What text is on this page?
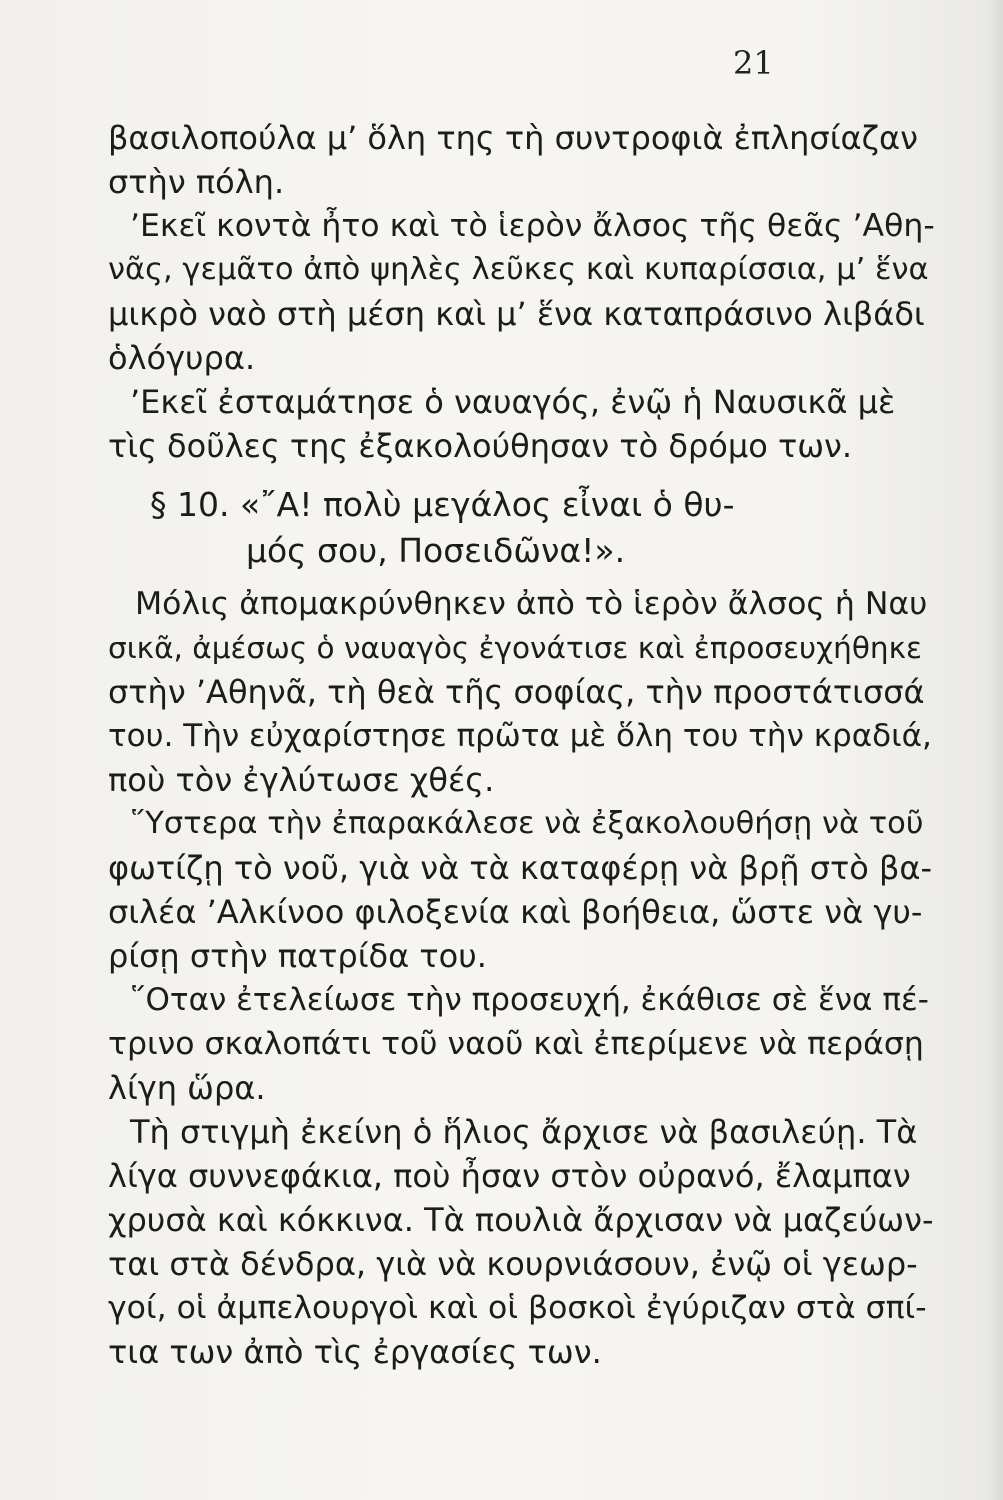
21
βασιλοπούλα μ’ ὅλη της τὴ συντροφιὰ ἐπλησίαζαν
στὴν πόλη.
’Εκεῖ κοντὰ ἦτο καὶ τὸ ἱερὸν ἄλσος τῆς θεᾶς ’Αθη-
νᾶς, γεμᾶτο ἀπὸ ψηλὲς λεῦκες καὶ κυπαρίσσια, μ’ ἕνα
μικρὸ ναὸ στὴ μέση καὶ μ’ ἕνα καταπράσινο λιβάδι
ὁλόγυρα.
’Εκεῖ ἐσταμάτησε ὁ ναυαγός, ἐνῷ ἡ Ναυσικᾶ μὲ
τὶς δοῦλες της ἐξακολούθησαν τὸ δρόμο των.
§ 10. «῎Α! πολὺ μεγάλος εἶναι ὁ θυ-
μός σου, Ποσειδῶνα!».
Μόλις ἀπομακρύνθηκεν ἀπὸ τὸ ἱερὸν ἄλσος ἡ Ναυ
σικᾶ, ἀμέσως ὁ ναυαγὸς ἐγονάτισε καὶ ἐπροσευχήθηκε
στὴν ’Αθηνᾶ, τὴ θεὰ τῆς σοφίας, τὴν προστάτισσά
του. Τὴν εὐχαρίστησε πρῶτα μὲ ὅλη του τὴν κραδιά,
ποὺ τὸν ἐγλύτωσε χθές.
῞Υστερα τὴν ἐπαρακάλεσε νὰ ἐξακολουθήσῃ νὰ τοῦ
φωτίζῃ τὸ νοῦ, γιὰ νὰ τὰ καταφέρῃ νὰ βρῇ στὸ βα-
σιλέα ’Αλκίνοο φιλοξενία καὶ βοήθεια, ὥστε νὰ γυ-
ρίσῃ στὴν πατρίδα του.
῞Οταν ἐτελείωσε τὴν προσευχή, ἐκάθισε σὲ ἕνα πέ-
τρινο σκαλοπάτι τοῦ ναοῦ καὶ ἐπερίμενε νὰ περάσῃ
λίγη ὥρα.
Τὴ στιγμὴ ἐκείνη ὁ ἥλιος ἄρχισε νὰ βασιλεύῃ. Τὰ
λίγα συννεφάκια, ποὺ ἦσαν στὸν οὐρανό, ἔλαμπαν
χρυσὰ καὶ κόκκινα. Τὰ πουλιὰ ἄρχισαν νὰ μαζεύων-
ται στὰ δένδρα, γιὰ νὰ κουρνιάσουν, ἐνῷ οἱ γεωρ-
γοί, οἱ ἀμπελουργοὶ καὶ οἱ βοσκοὶ ἐγύριζαν στὰ σπί-
τια των ἀπὸ τὶς ἐργασίες των.
